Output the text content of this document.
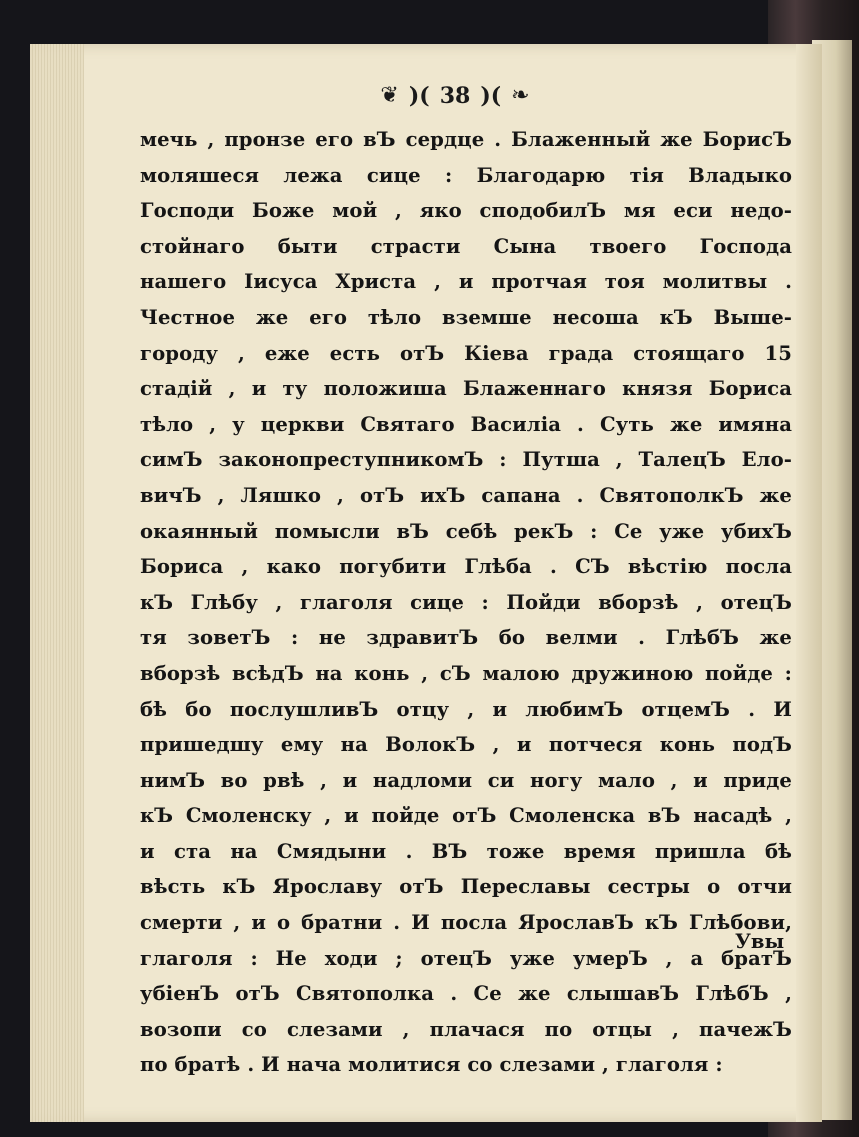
❦ )( 38 )( ❧
мечь , пронзе его вЪ сердце . Блаженный же БорисЪ
моляшеся лежа сице : Благодарю тія Владыко
Господи Боже мой , яко сподобилЪ мя еси недо-
стойнаго быти страсти Сына твоего Господа
нашего Іисуса Христа , и протчая тоя молитвы .
Честное же его тѣло вземше несоша кЪ Выше-
городу , еже есть отЪ Кiева града стоящаго 15
стадій , и ту положиша Блаженнаго князя Бориса
тѣло , у церкви Святаго Василіа . Суть же имяна
симЪ законопреступникомЪ : Путша , ТалецЪ Ело-
вичЪ , Ляшко , отЪ ихЪ сапана . СвятополкЪ же
окаянный помысли вЪ себѣ рекЪ : Се уже убихЪ
Бориса , како погубити Глѣба . СЪ вѣстію посла
кЪ Глѣбу , глаголя сице : Пойди вборзѣ , отецЪ
тя зоветЪ : не здравитЪ бо велми . ГлѣбЪ же
вборзѣ всѣдЪ на конь , сЪ малою дружиною пойде :
бѣ бо послушливЪ отцу , и любимЪ отцемЪ . И
пришедшу ему на ВолокЪ , и потчеся конь подЪ
нимЪ во рвѣ , и надломи си ногу мало , и приде
кЪ Смоленску , и пойде отЪ Смоленска вЪ насадѣ ,
и ста на Смядыни . ВЪ тоже время пришла бѣ
вѣсть кЪ Ярославу отЪ Переславы сестры о отчи
смерти , и о братни . И посла ЯрославЪ кЪ Глѣбови,
глаголя : Не ходи ; отецЪ уже умерЪ , а братЪ
убіенЪ отЪ Святополка . Се же слышавЪ ГлѣбЪ ,
возопи со слезами , плачася по отцы , пачежЪ
по братѣ . И нача молитися со слезами , глаголя :
Увы
